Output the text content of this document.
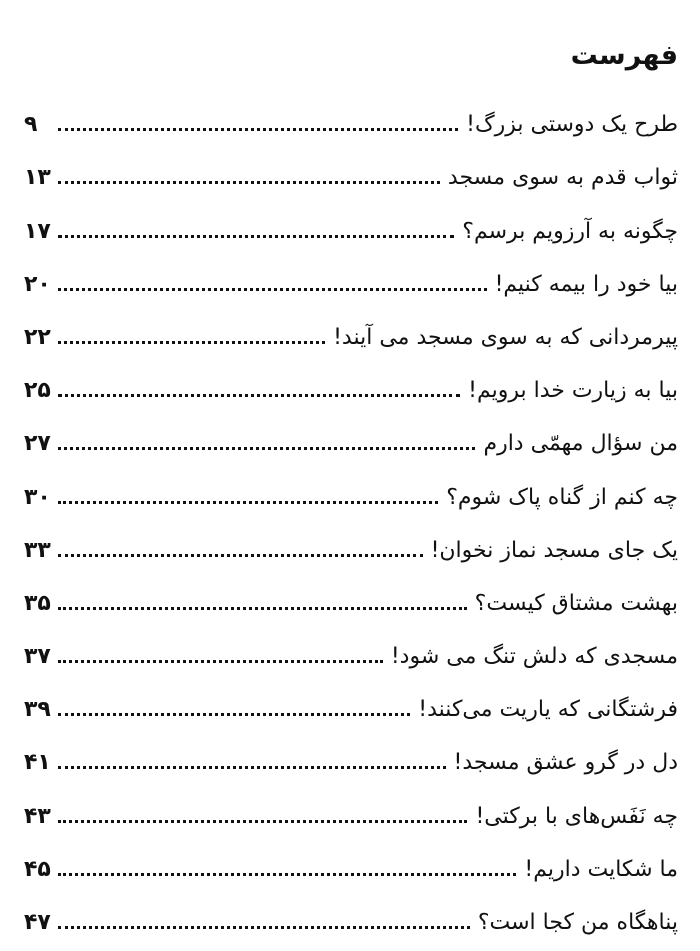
فهرست
طرح یک دوستی بزرگ!
۹
ثواب قدم به سوی مسجد
۱۳
چگونه به آرزویم برسم؟
۱۷
بیا خود را بیمه کنیم!
۲۰
پیرمردانی که به سوی مسجد می آیند!
۲۲
بیا به زیارت خدا برویم!
۲۵
من سؤال مهمّی دارم
۲۷
چه کنم از گناه پاک شوم؟
۳۰
یک جای مسجد نماز نخوان!
۳۳
بهشت مشتاق کیست؟
۳۵
مسجدی که دلش تنگ می شود!
۳۷
فرشتگانی که یاریت می‌کنند!
۳۹
دل در گرو عشق مسجد!
۴۱
چه نَفَس‌های با برکتی!
۴۳
ما شکایت داریم!
۴۵
پناهگاه من کجا است؟
۴۷
